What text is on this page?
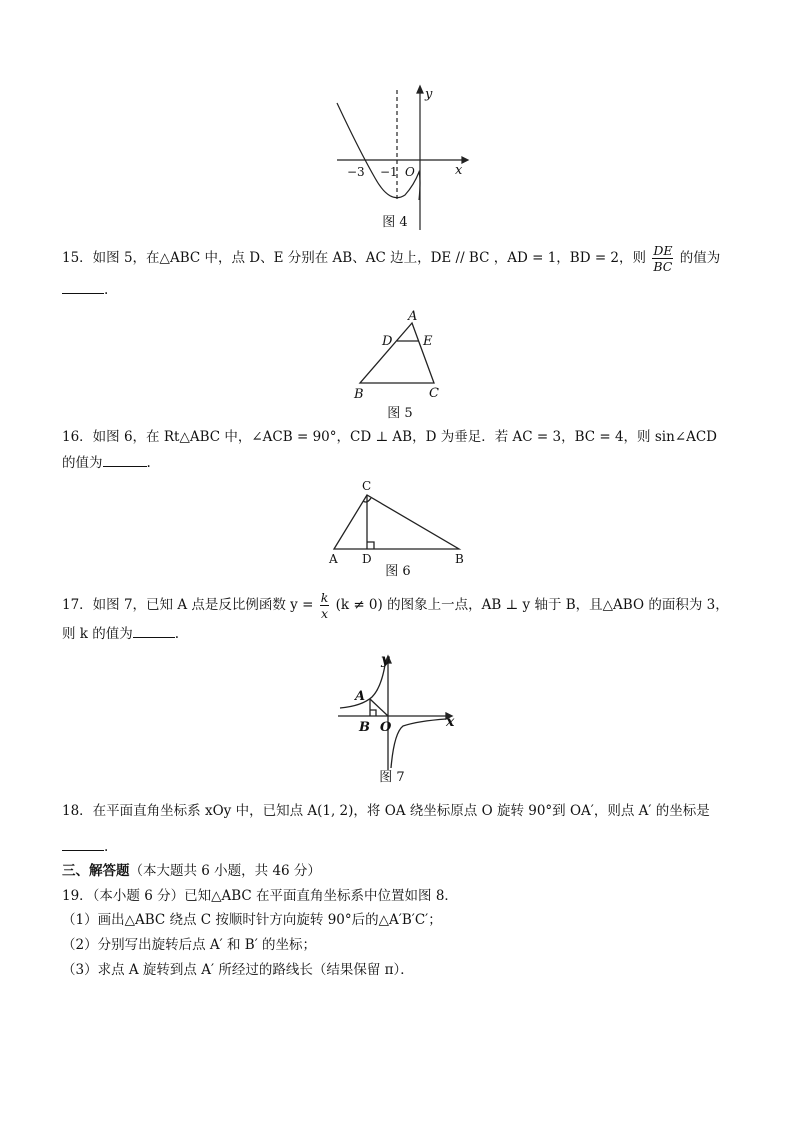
y
x
−3 −1 O
图 4
15．如图 5，在△ABC 中，点 D、E 分别在 AB、AC 边上，DE // BC ，AD = 1，BD = 2，则 $\frac{DE}{BC}$ 的值为
.
A
D E
B	C
图 5
16．如图 6，在 Rt△ABC 中，∠ACB = 90°，CD ⊥ AB，D 为垂足．若 AC = 3，BC = 4，则 sin∠ACD
的值为	.
C
A D	B
图 6
17．如图 7，已知 A 点是反比例函数 $y = \frac{k}{x} (k \ne 0)$ 的图象上一点，AB ⊥ y 轴于 B，且△ABO 的面积为 3，
则 k 的值为	.
y
x
A
B O
图 7
18．在平面直角坐标系 xOy 中，已知点 A(1, 2)，将 OA 绕坐标原点 O 旋转 90°到 OA′，则点 A′ 的坐标是
.
三、解答题（本大题共 6 小题，共 46 分）
19．（本小题 6 分）已知△ABC 在平面直角坐标系中位置如图 8．
（1）画出△ABC 绕点 C 按顺时针方向旋转 90°后的△A′B′C′；
（2）分别写出旋转后点 A′ 和 B′ 的坐标；
（3）求点 A 旋转到点 A′ 所经过的路线长（结果保留 π）．
